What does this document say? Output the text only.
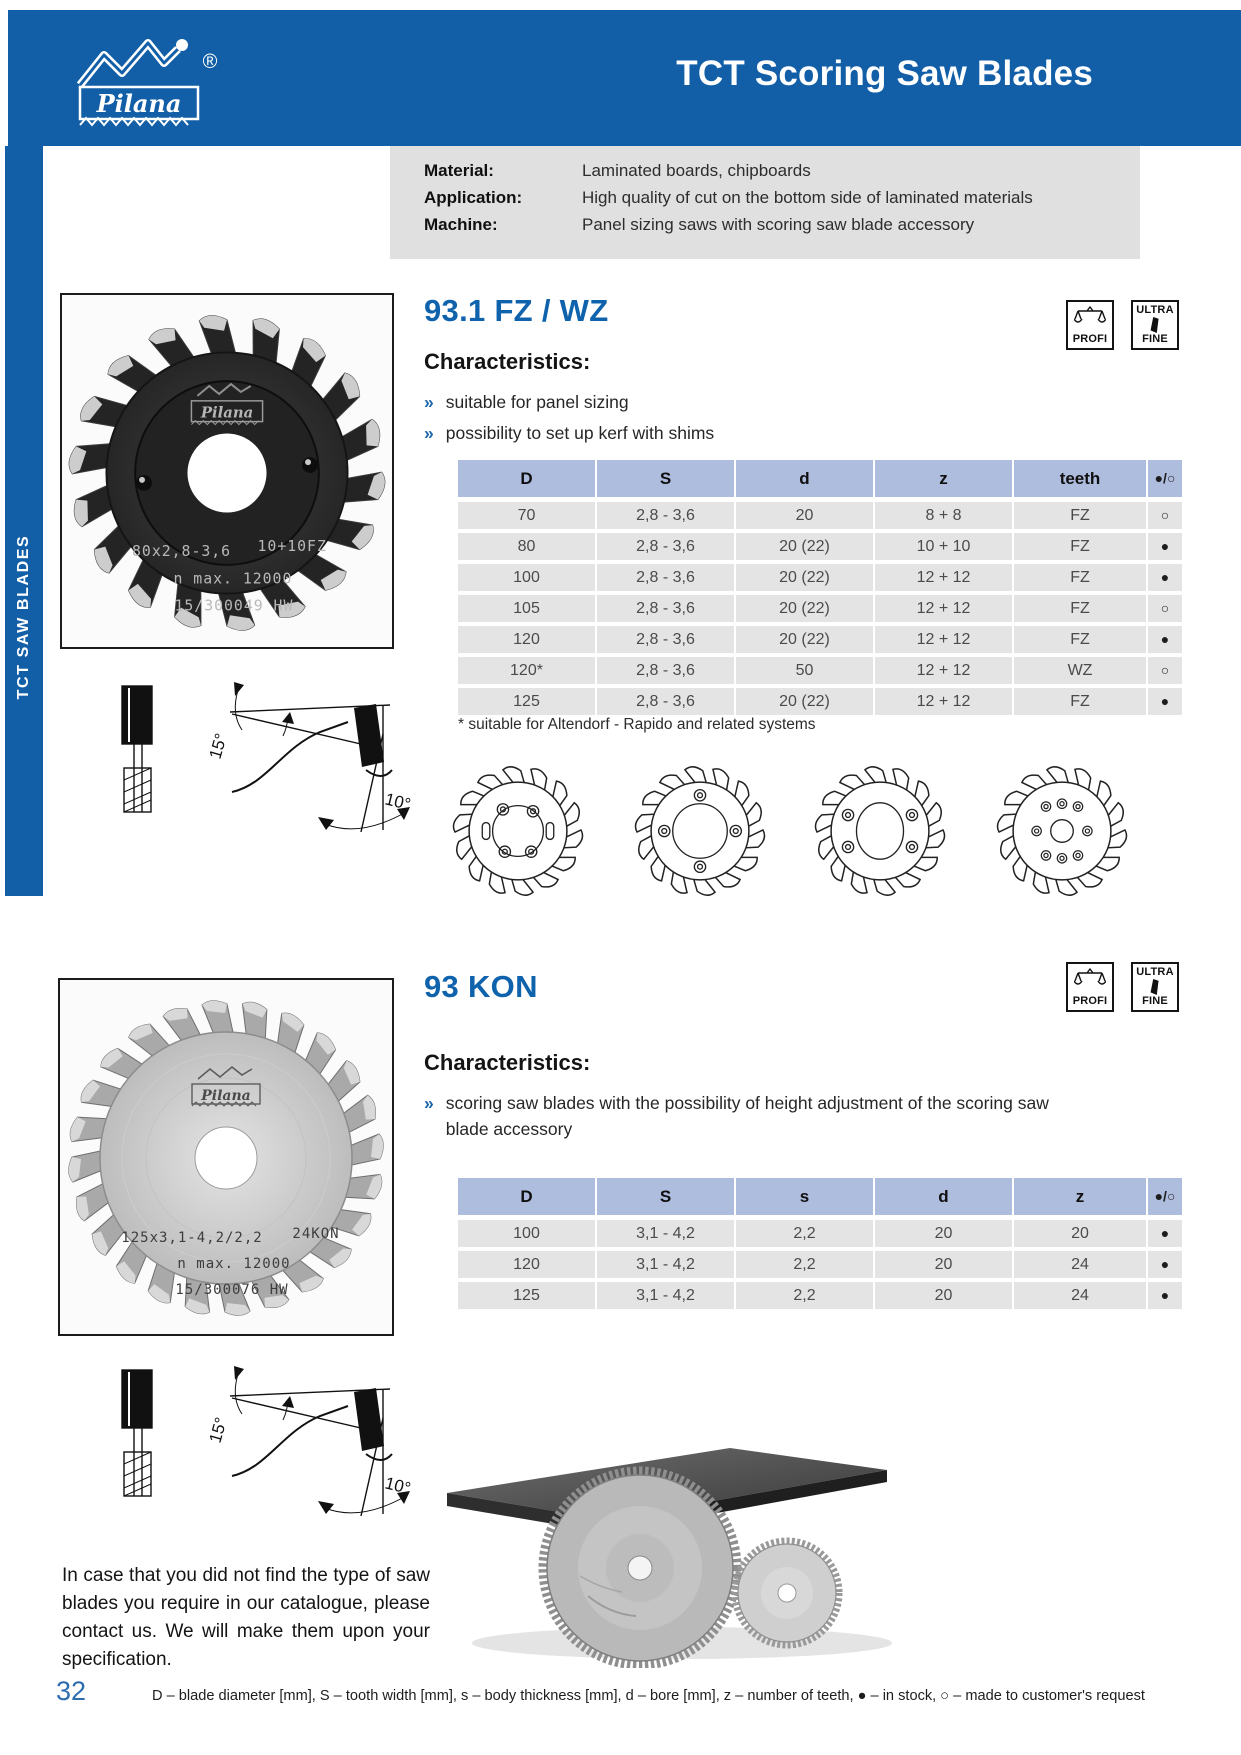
®
Pilana
TCT Scoring Saw Blades
TCT SAW BLADES
Material:	Laminated boards, chipboards
Application:	High quality of cut on the bottom side of laminated materials
Machine:	Panel sizing saws with scoring saw blade accessory
Pilana
80x2,8-3,6 10+10FZ
n max. 12000
15/300049 HW
93.1 FZ / WZ
PROFI
ULTRA
FINE
Characteristics:
» suitable for panel sizing
» possibility to set up kerf with shims
D	S	d	z	teeth	●/○
70	2,8 - 3,6	20	8 + 8	FZ	○
80	2,8 - 3,6	20 (22)	10 + 10	FZ	●
100	2,8 - 3,6	20 (22)	12 + 12	FZ	●
105	2,8 - 3,6	20 (22)	12 + 12	FZ	○
120	2,8 - 3,6	20 (22)	12 + 12	FZ	●
120*	2,8 - 3,6	50	12 + 12	WZ	○
125	2,8 - 3,6	20 (22)	12 + 12	FZ	●
* suitable for Altendorf - Rapido and related systems
93 KON	PROFI
ULTRA
FINE
Characteristics:
» scoring saw blades with the possibility of height adjustment of the scoring saw blade accessory
D	S	s	d	z	●/○
100	3,1 - 4,2	2,2	20	20	●
120	3,1 - 4,2	2,2	20	24	●
125	3,1 - 4,2	2,2	20	24	●
Pilana
125x3,1-4,2/2,2 24KON
n max. 12000
15/300076 HW
In case that you did not find the type of saw blades you require in our catalogue, please contact us. We will make them upon your specification.
32	D – blade diameter [mm], S – tooth width [mm], s – body thickness [mm], d – bore [mm], z – number of teeth, ● – in stock, ○ – made to customer's request
